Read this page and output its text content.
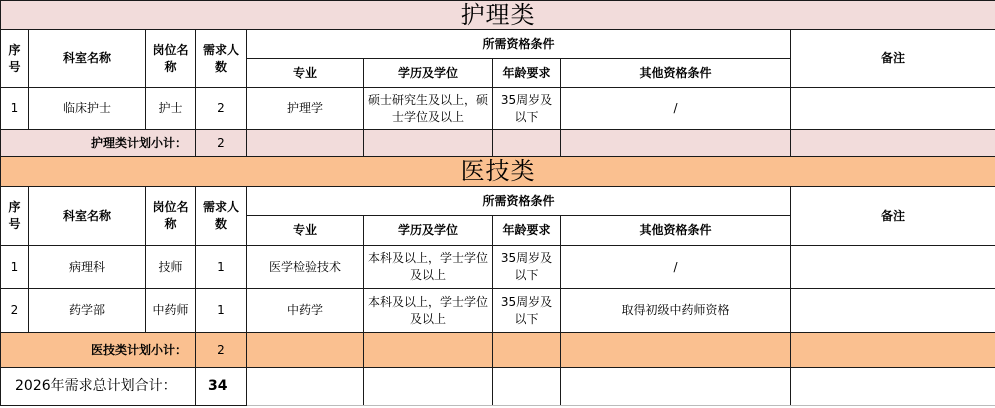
护理类								
序号	科室名称	岗位名称	需求人数	所需资格条件				备注
				专业	学历及学位	年龄要求	其他资格条件	
1	临床护士	护士	2	护理学	硕士研究生及以上，硕士学位及以上	35周岁及以下	/	
护理类计划小计：			2					
医技类								
序号	科室名称	岗位名称	需求人数	所需资格条件				备注
				专业	学历及学位	年龄要求	其他资格条件	
1	病理科	技师	1	医学检验技术	本科及以上，学士学位及以上	35周岁及以下	/	
2	药学部	中药师	1	中药学	本科及以上，学士学位及以上	35周岁及以下	取得初级中药师资格	
医技类计划小计：			2					
2026年需求总计划合计：			34					
